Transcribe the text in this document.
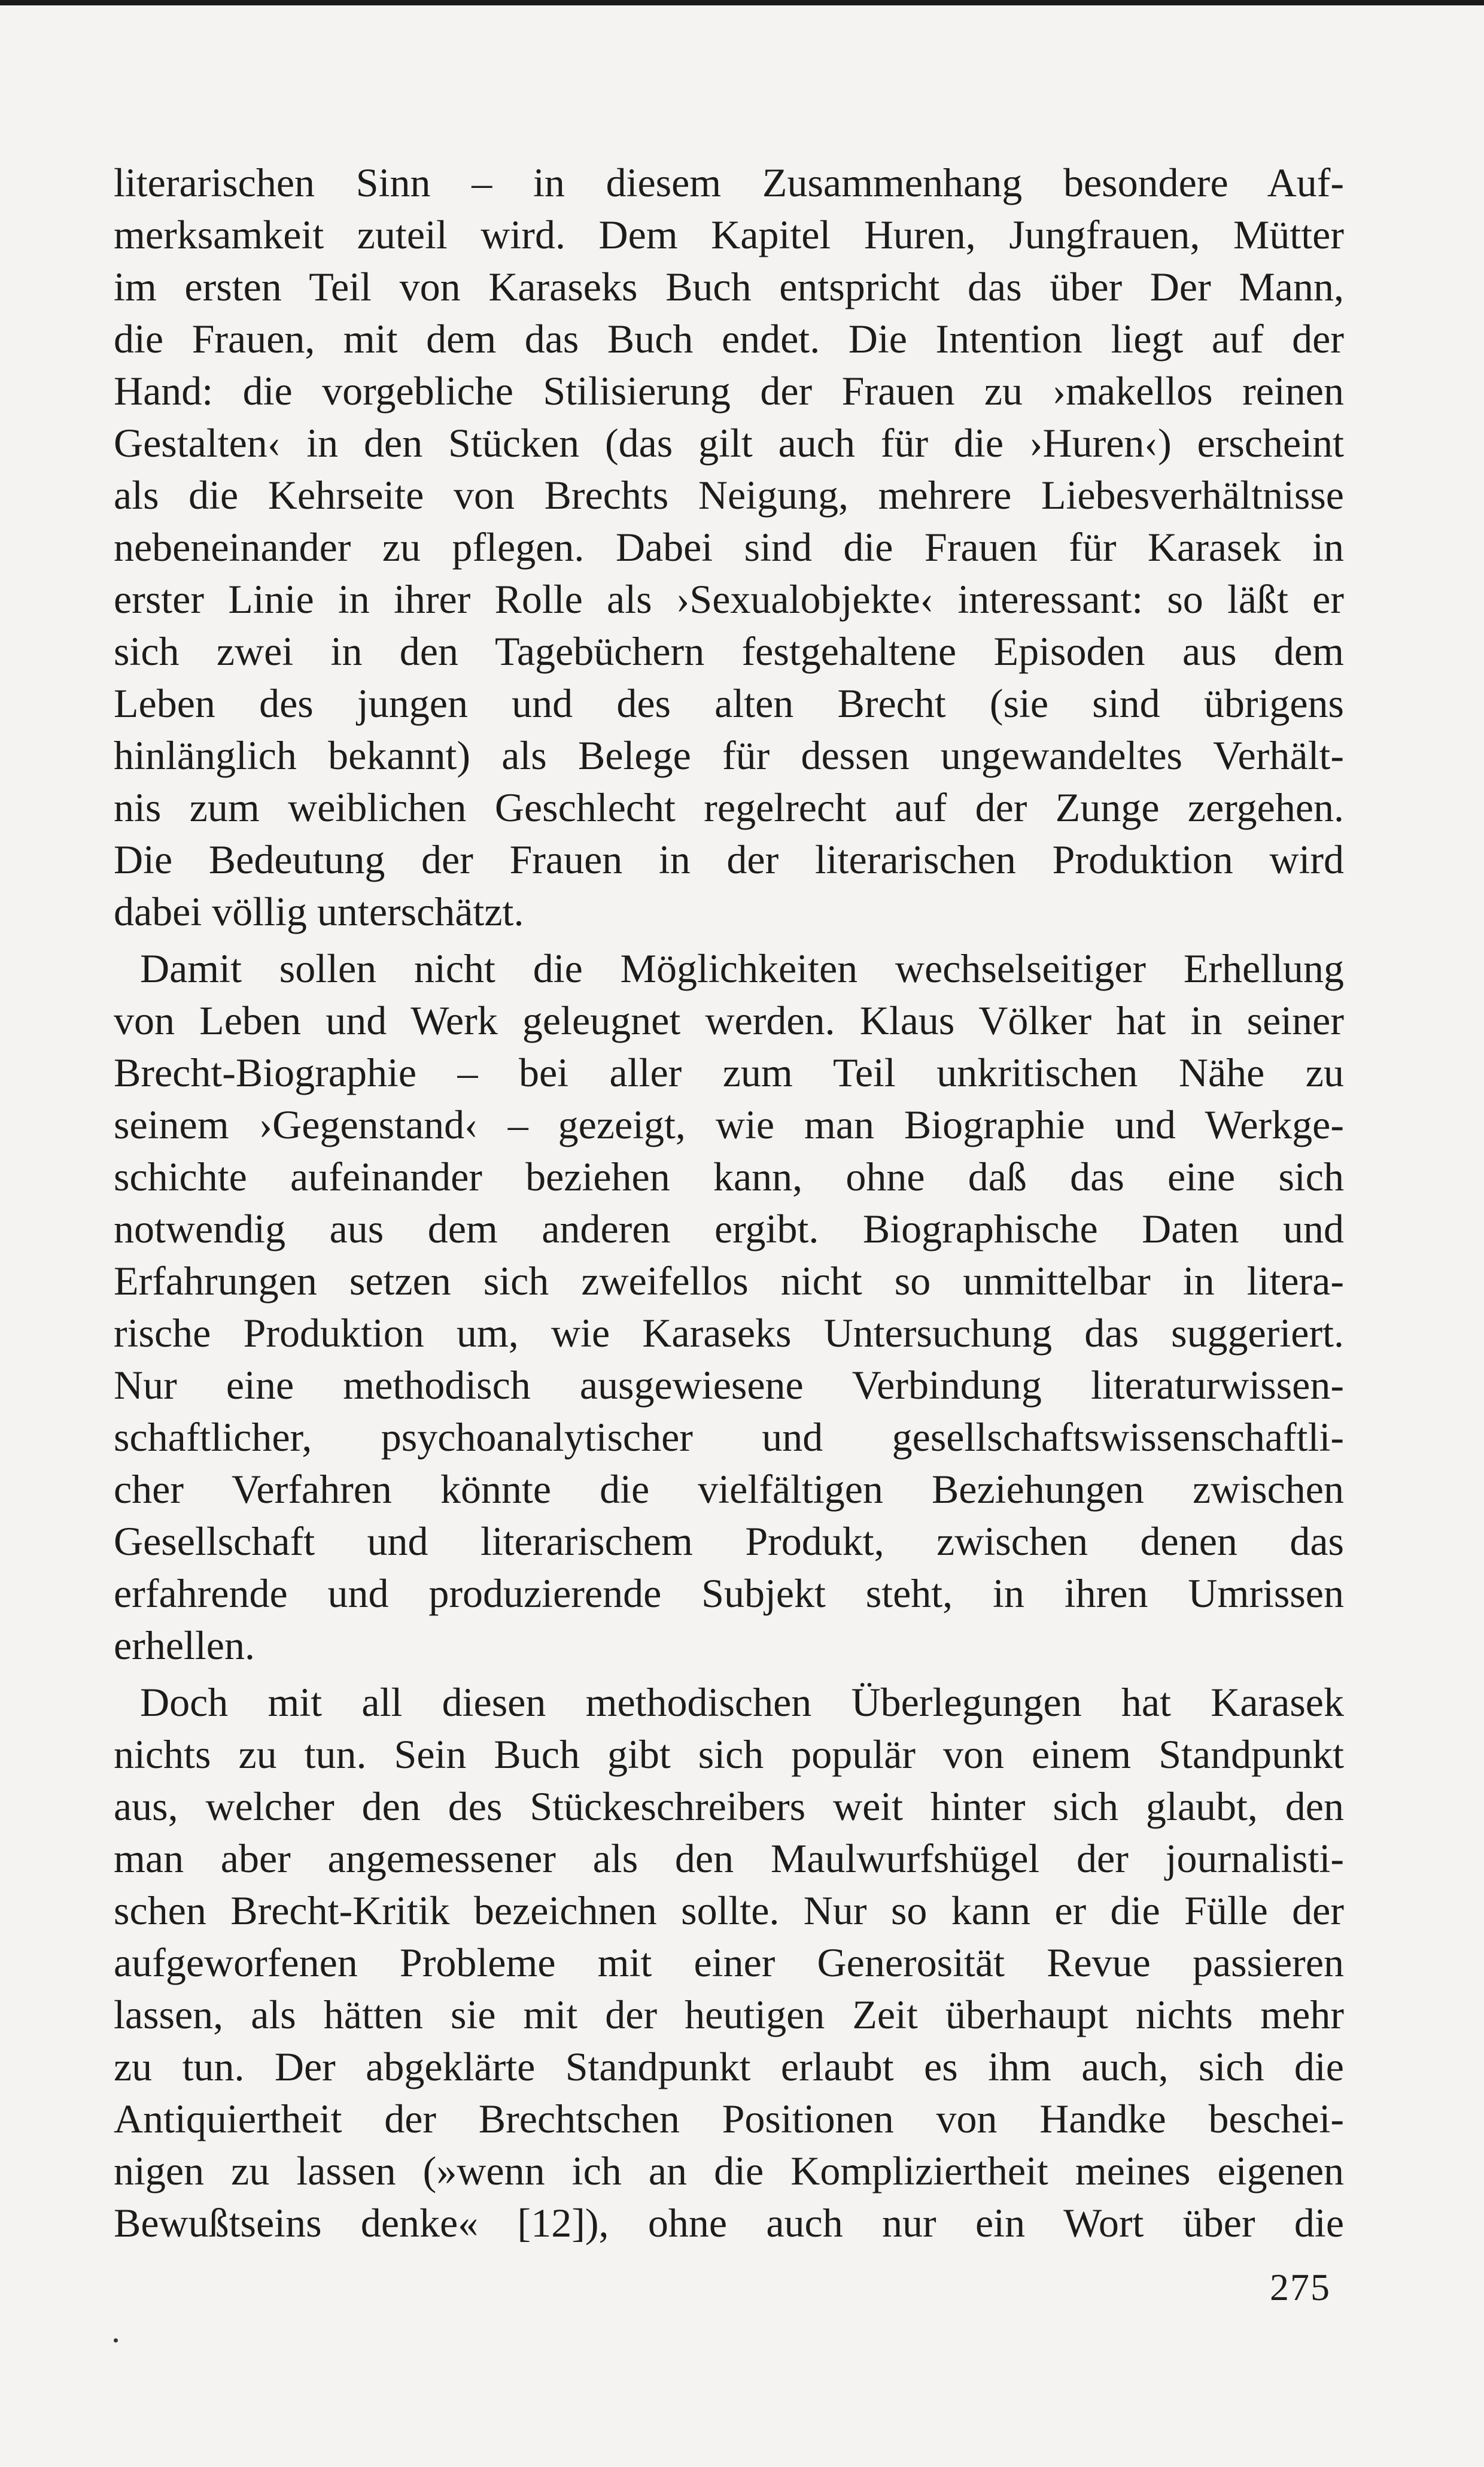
literarischen Sinn – in diesem Zusammenhang besondere Auf-
merksamkeit zuteil wird. Dem Kapitel Huren, Jungfrauen, Mütter
im ersten Teil von Karaseks Buch entspricht das über Der Mann,
die Frauen, mit dem das Buch endet. Die Intention liegt auf der
Hand: die vorgebliche Stilisierung der Frauen zu ›makellos reinen
Gestalten‹ in den Stücken (das gilt auch für die ›Huren‹) erscheint
als die Kehrseite von Brechts Neigung, mehrere Liebesverhältnisse
nebeneinander zu pflegen. Dabei sind die Frauen für Karasek in
erster Linie in ihrer Rolle als ›Sexualobjekte‹ interessant: so läßt er
sich zwei in den Tagebüchern festgehaltene Episoden aus dem
Leben des jungen und des alten Brecht (sie sind übrigens
hinlänglich bekannt) als Belege für dessen ungewandeltes Verhält-
nis zum weiblichen Geschlecht regelrecht auf der Zunge zergehen.
Die Bedeutung der Frauen in der literarischen Produktion wird
dabei völlig unterschätzt.
Damit sollen nicht die Möglichkeiten wechselseitiger Erhellung
von Leben und Werk geleugnet werden. Klaus Völker hat in seiner
Brecht-Biographie – bei aller zum Teil unkritischen Nähe zu
seinem ›Gegenstand‹ – gezeigt, wie man Biographie und Werkge-
schichte aufeinander beziehen kann, ohne daß das eine sich
notwendig aus dem anderen ergibt. Biographische Daten und
Erfahrungen setzen sich zweifellos nicht so unmittelbar in litera-
rische Produktion um, wie Karaseks Untersuchung das suggeriert.
Nur eine methodisch ausgewiesene Verbindung literaturwissen-
schaftlicher, psychoanalytischer und gesellschaftswissenschaftli-
cher Verfahren könnte die vielfältigen Beziehungen zwischen
Gesellschaft und literarischem Produkt, zwischen denen das
erfahrende und produzierende Subjekt steht, in ihren Umrissen
erhellen.
Doch mit all diesen methodischen Überlegungen hat Karasek
nichts zu tun. Sein Buch gibt sich populär von einem Standpunkt
aus, welcher den des Stückeschreibers weit hinter sich glaubt, den
man aber angemessener als den Maulwurfshügel der journalisti-
schen Brecht-Kritik bezeichnen sollte. Nur so kann er die Fülle der
aufgeworfenen Probleme mit einer Generosität Revue passieren
lassen, als hätten sie mit der heutigen Zeit überhaupt nichts mehr
zu tun. Der abgeklärte Standpunkt erlaubt es ihm auch, sich die
Antiquiertheit der Brechtschen Positionen von Handke beschei-
nigen zu lassen (»wenn ich an die Kompliziertheit meines eigenen
Bewußtseins denke« [12]), ohne auch nur ein Wort über die
275
